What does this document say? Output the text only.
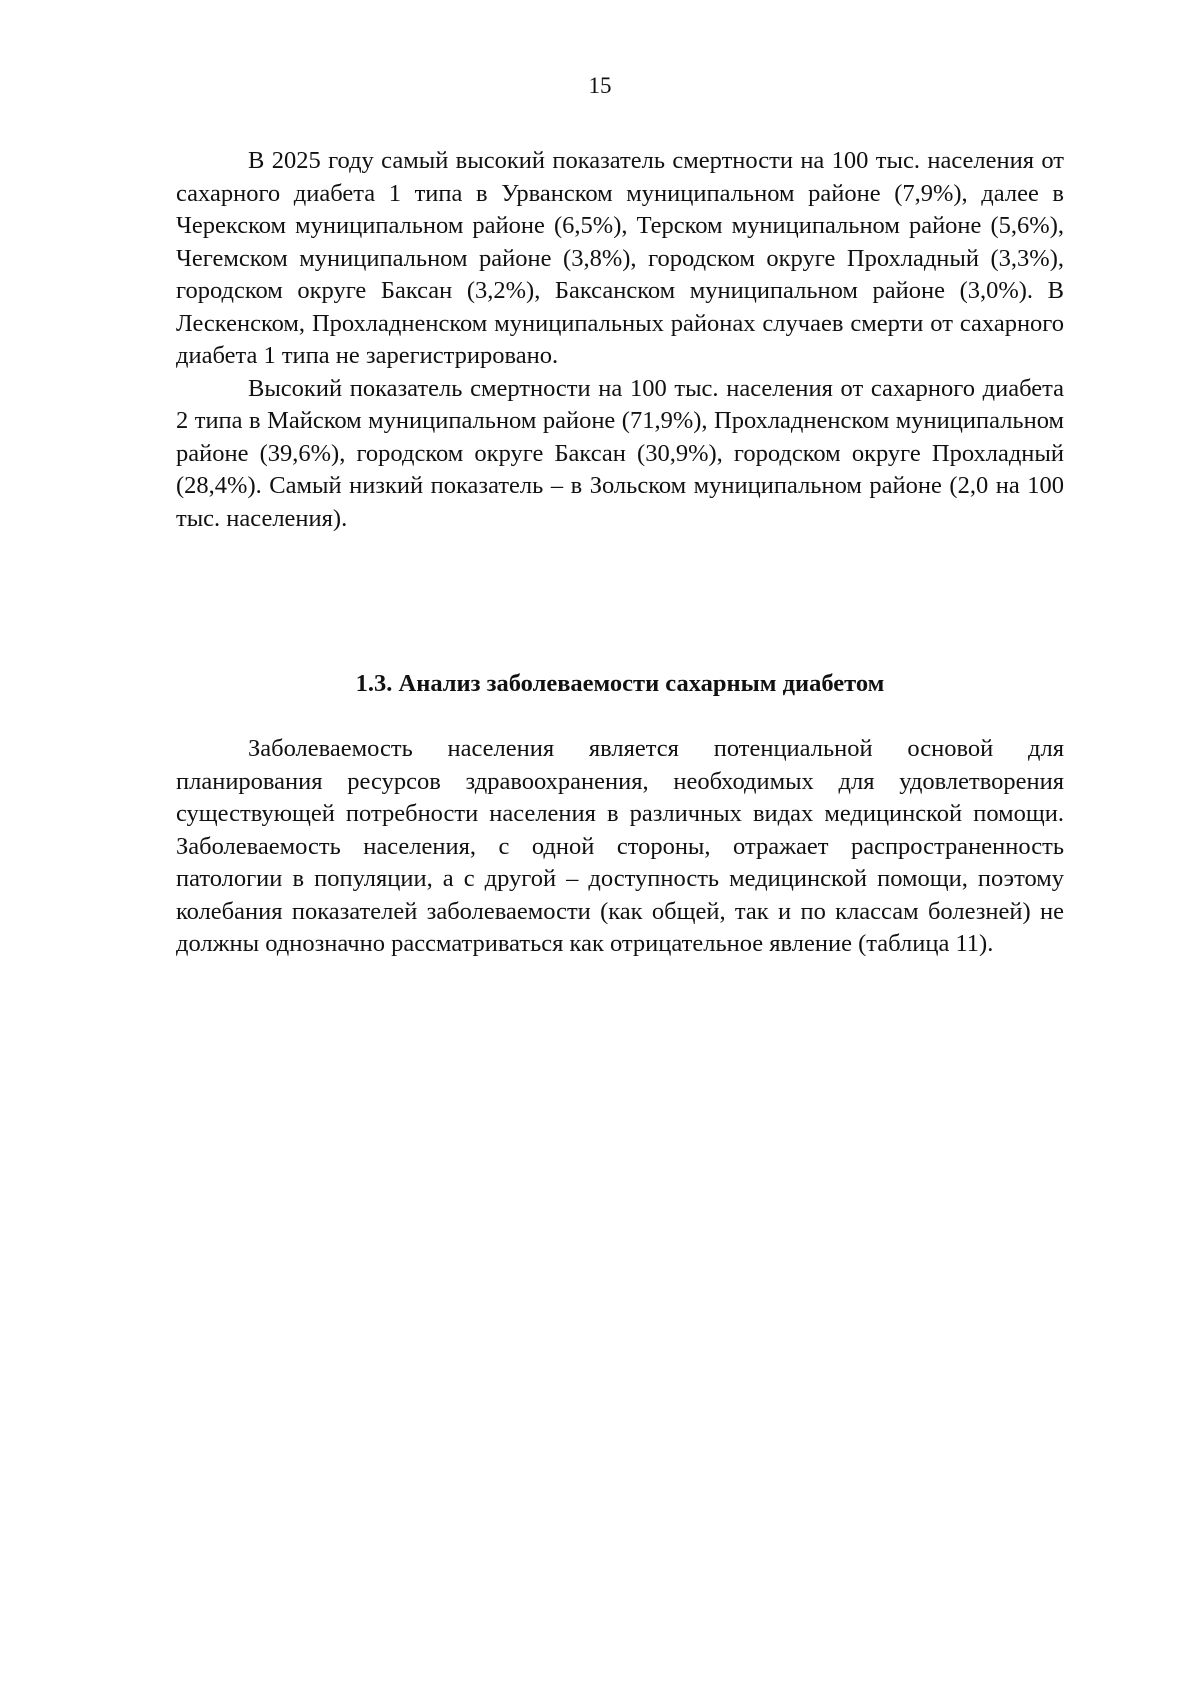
15

В 2025 году самый высокий показатель смертности на 100 тыс. населения от сахарного диабета 1 типа в Урванском муниципальном районе (7,9%), далее в Черекском муниципальном районе (6,5%), Терском муниципальном районе (5,6%), Чегемском муниципальном районе (3,8%), городском округе Прохладный (3,3%), городском округе Баксан (3,2%), Баксанском муниципальном районе (3,0%). В Лескенском, Прохладненском муниципальных районах случаев смерти от сахарного диабета 1 типа не зарегистрировано.

Высокий показатель смертности на 100 тыс. населения от сахарного диабета 2 типа в Майском муниципальном районе (71,9%), Прохладненском муниципальном районе (39,6%), городском округе Баксан (30,9%), городском округе Прохладный (28,4%). Самый низкий показатель – в Зольском муниципальном районе (2,0 на 100 тыс. населения).

1.3. Анализ заболеваемости сахарным диабетом

Заболеваемость населения является потенциальной основой для планирования ресурсов здравоохранения, необходимых для удовлетворения существующей потребности населения в различных видах медицинской помощи. Заболеваемость населения, с одной стороны, отражает распространенность патологии в популяции, а с другой – доступность медицинской помощи, поэтому колебания показателей заболеваемости (как общей, так и по классам болезней) не должны однозначно рассматриваться как отрицательное явление (таблица 11).
